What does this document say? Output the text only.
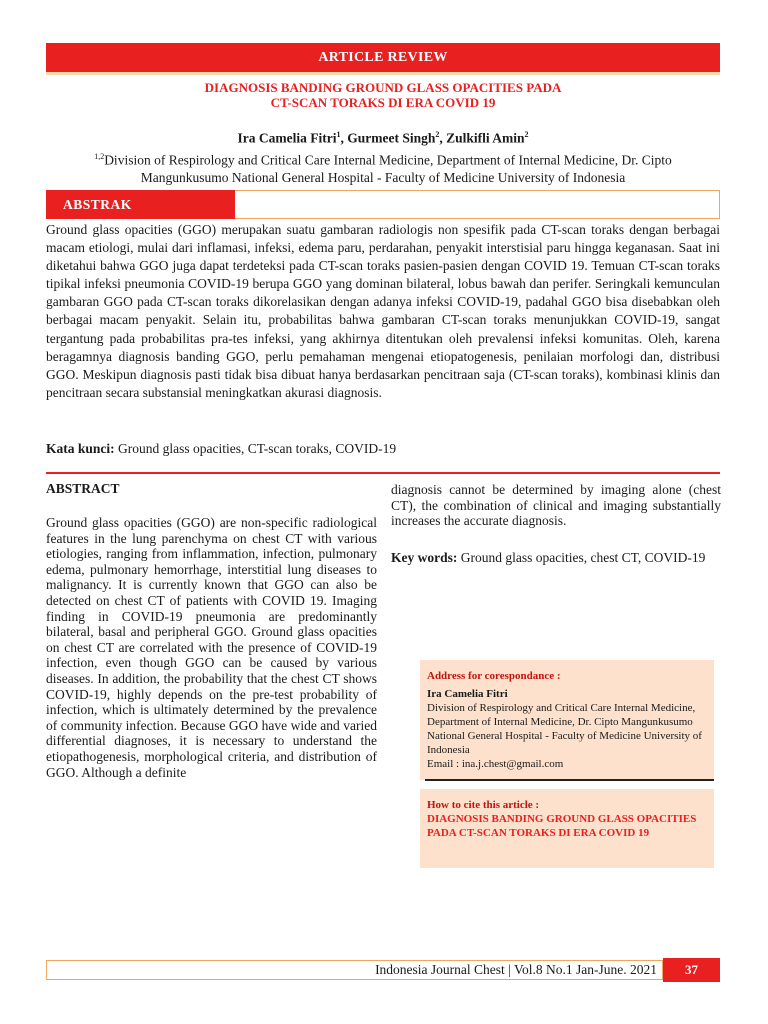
ARTICLE REVIEW
DIAGNOSIS BANDING GROUND GLASS OPACITIES PADA
CT-SCAN TORAKS DI ERA COVID 19
Ira Camelia Fitri$^1$, Gurmeet Singh$^2$, Zulkifli Amin$^2$
$^{1,2}$Division of Respirology and Critical Care Internal Medicine, Department of Internal Medicine, Dr. Cipto
Mangunkusumo National General Hospital - Faculty of Medicine University of Indonesia
ABSTRAK

Ground glass opacities (GGO) merupakan suatu gambaran radiologis non spesifik pada CT-scan toraks dengan berbagai macam etiologi, mulai dari inflamasi, infeksi, edema paru, perdarahan, penyakit interstisial paru hingga keganasan. Saat ini diketahui bahwa GGO juga dapat terdeteksi pada CT-scan toraks pasien-pasien dengan COVID 19. Temuan CT-scan toraks tipikal infeksi pneumonia COVID-19 berupa GGO yang dominan bilateral, lobus bawah dan perifer. Seringkali kemunculan gambaran GGO pada CT-scan toraks dikorelasikan dengan adanya infeksi COVID-19, padahal GGO bisa disebabkan oleh berbagai macam penyakit. Selain itu, probabilitas bahwa gambaran CT-scan toraks menunjukkan COVID-19, sangat tergantung pada probabilitas pra-tes infeksi, yang akhirnya ditentukan oleh prevalensi infeksi komunitas. Oleh, karena beragamnya diagnosis banding GGO, perlu pemahaman mengenai etiopatogenesis, penilaian morfologi dan, distribusi GGO. Meskipun diagnosis pasti tidak bisa dibuat hanya berdasarkan pencitraan saja (CT-scan toraks), kombinasi klinis dan pencitraan secara substansial meningkatkan akurasi diagnosis.

Kata kunci: Ground glass opacities, CT-scan toraks, COVID-19

ABSTRACT

Ground glass opacities (GGO) are non-specific radiological features in the lung parenchyma on chest CT with various etiologies, ranging from inflammation, infection, pulmonary edema, pulmonary hemorrhage, interstitial lung diseases to malignancy. It is currently known that GGO can also be detected on chest CT of patients with COVID 19. Imaging finding in COVID-19 pneumonia are predominantly bilateral, basal and peripheral GGO. Ground glass opacities on chest CT are correlated with the presence of COVID-19 infection, even though GGO can be caused by various diseases. In addition, the probability that the chest CT shows COVID-19, highly depends on the pre-test probability of infection, which is ultimately determined by the prevalence of community infection. Because GGO have wide and varied differential diagnoses, it is necessary to understand the etiopathogenesis, morphological criteria, and distribution of GGO. Although a definite

diagnosis cannot be determined by imaging alone (chest CT), the combination of clinical and imaging substantially increases the accurate diagnosis.

Key words: Ground glass opacities, chest CT, COVID-19

Address for corespondance :
Ira Camelia Fitri
Division of Respirology and Critical Care Internal Medicine, Department of Internal Medicine, Dr. Cipto Mangunkusumo National General Hospital - Faculty of Medicine University of Indonesia
Email : ina.j.chest@gmail.com
How to cite this article :
DIAGNOSIS BANDING GROUND GLASS OPACITIES PADA CT-SCAN TORAKS DI ERA COVID 19

Indonesia Journal Chest | Vol.8 No.1 Jan-June. 2021	37
